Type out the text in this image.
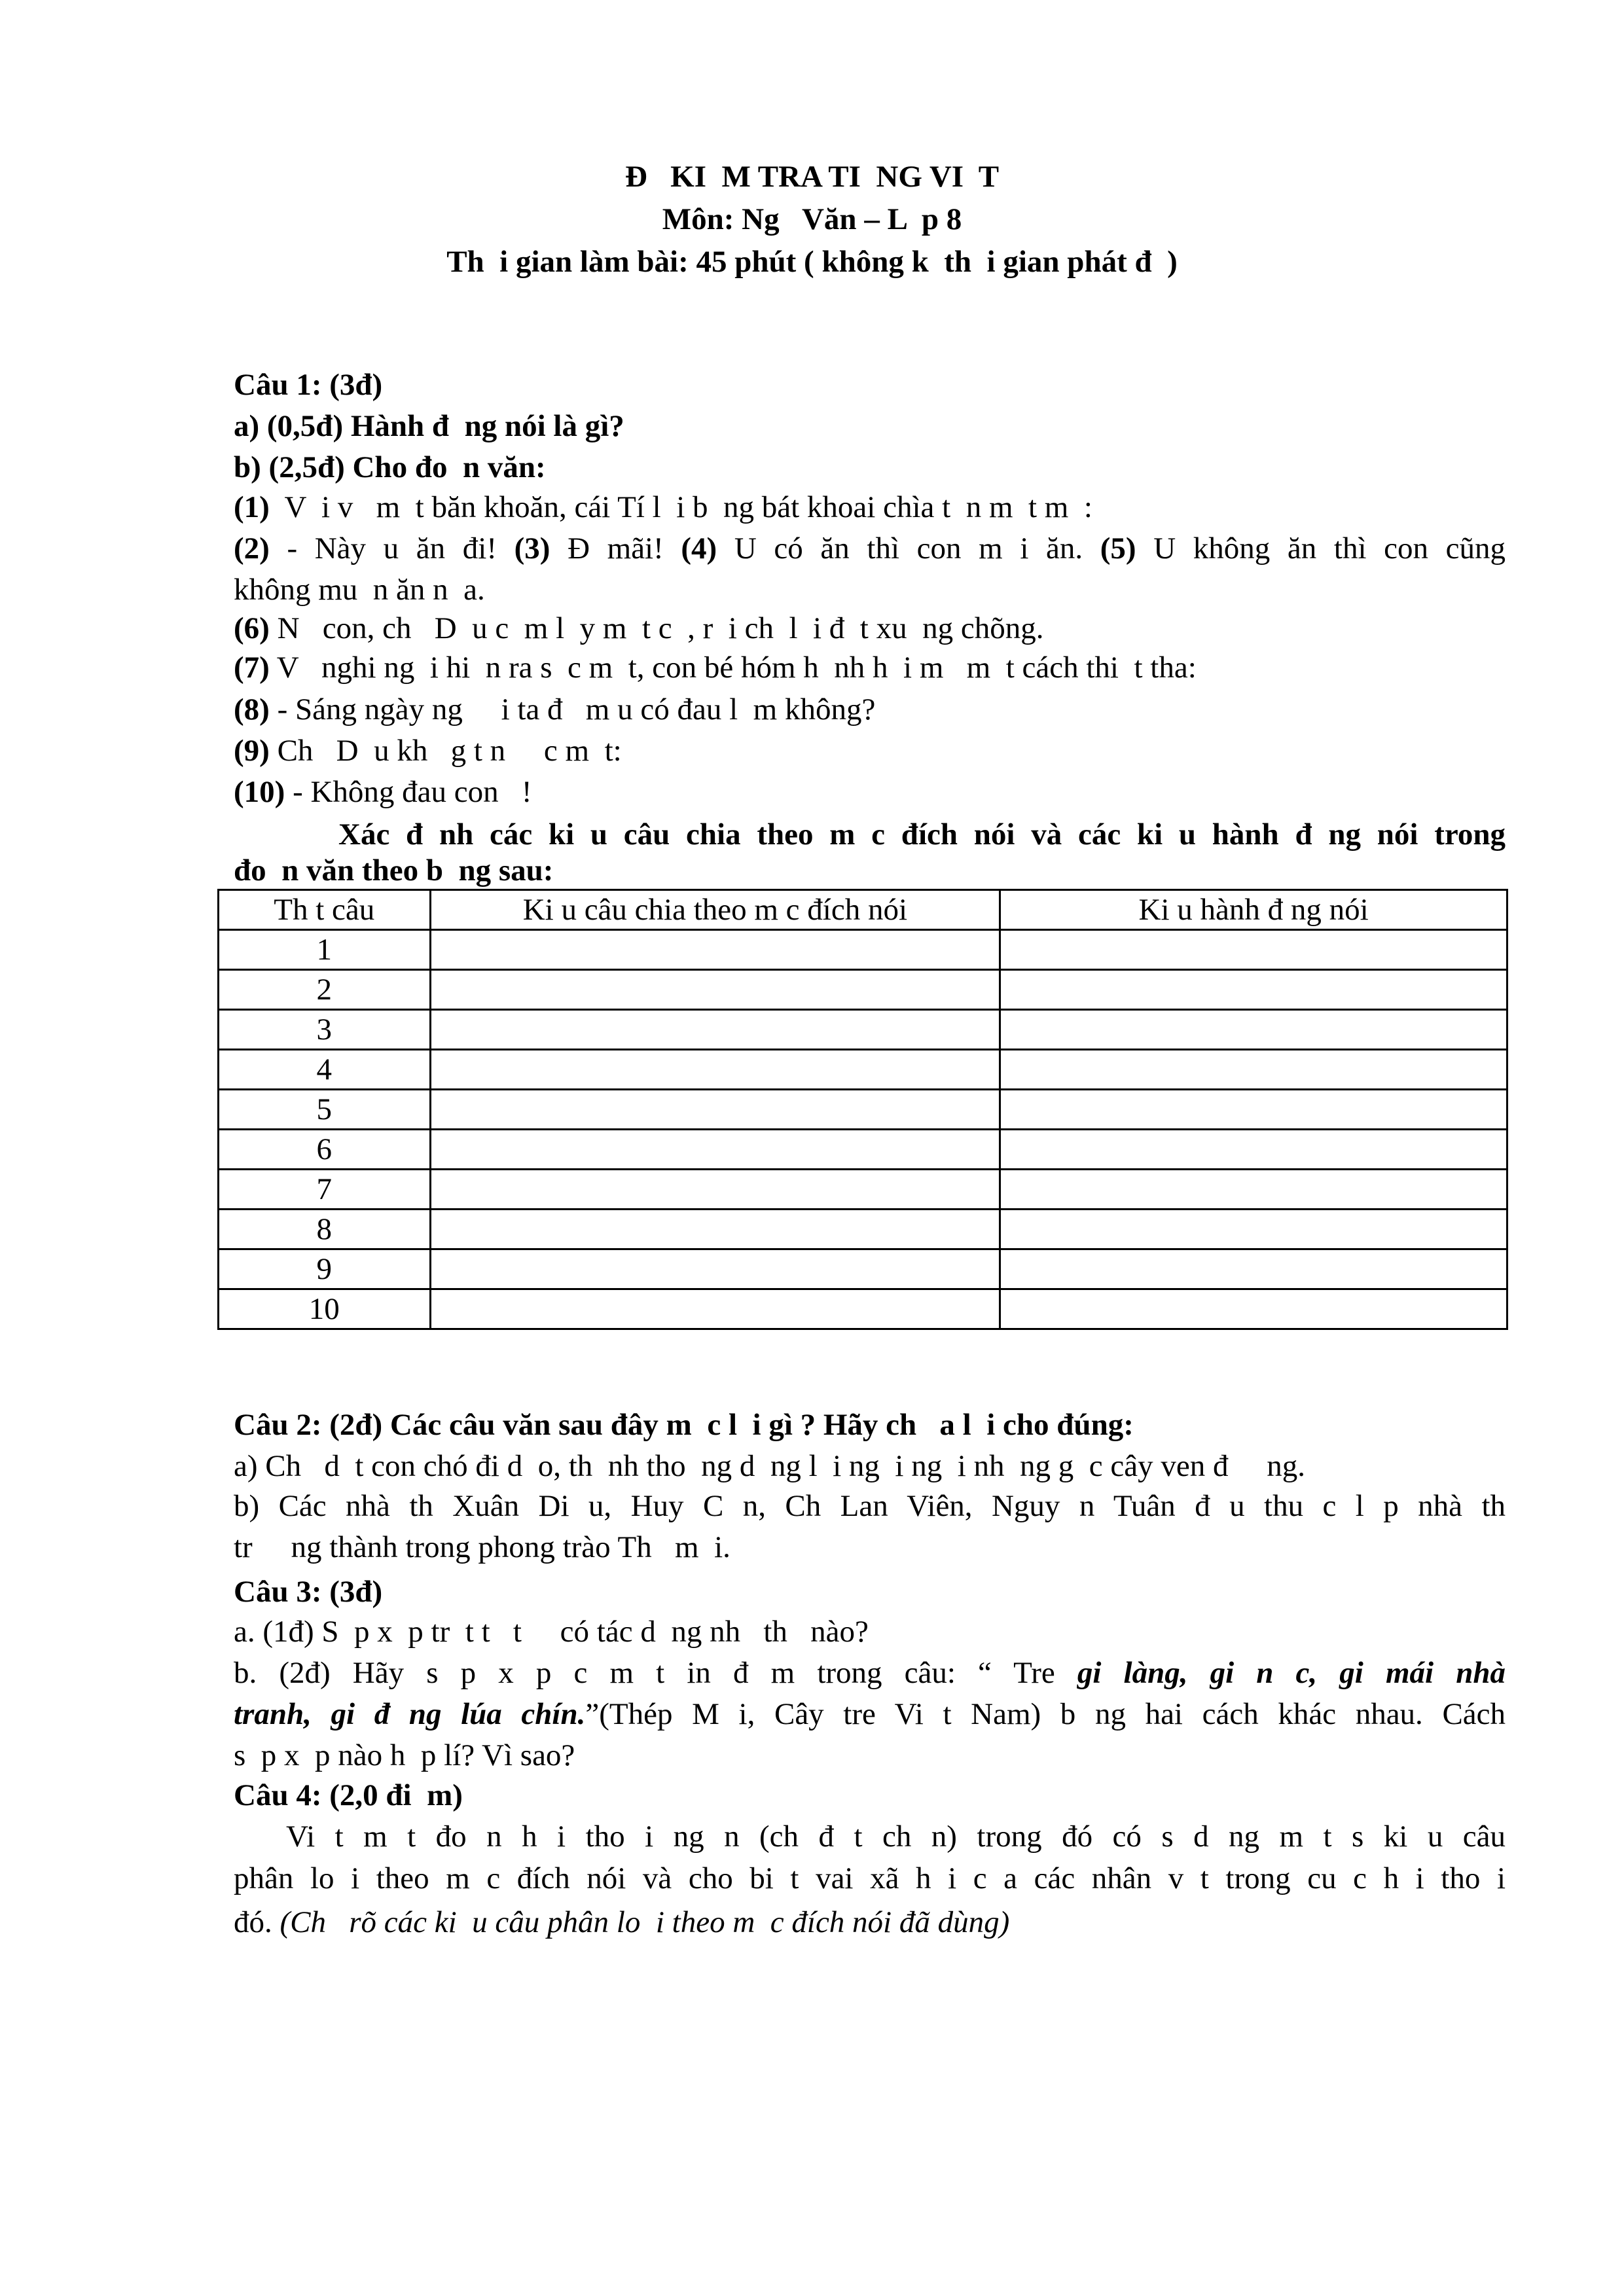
Đ   KI  M TRA TI  NG VI  T
Môn: Ng   Văn – L  p 8
Th  i gian làm bài: 45 phút ( không k  th  i gian phát đ  )
Câu 1: (3đ)
a) (0,5đ) Hành đ  ng nói là gì?
b) (2,5đ) Cho đo  n văn:
(1)  V  i v   m  t băn khoăn, cái Tí l  i b  ng bát khoai chìa t  n m  t m  :
(2) - Này u ăn đi! (3) Đ mãi! (4) U có ăn thì con m i ăn. (5) U không ăn thì con cũng
không mu  n ăn n  a.
(6) N   con, ch   D  u c  m l  y m  t c  , r  i ch  l  i đ  t xu  ng chõng.
(7) V   nghi ng  i hi  n ra s  c m  t, con bé hóm h  nh h  i m   m  t cách thi  t tha:
(8) - Sáng ngày ng     i ta đ   m u có đau l  m không?
(9) Ch   D  u kh   g t n     c m  t:
(10) - Không đau con   !
Xác đ nh các ki u câu chia theo m c đích nói và các ki u hành đ ng nói trong
đo  n văn theo b  ng sau:
Th t câu	Ki u câu chia theo m c đích nói	Ki u hành đ ng nói
1		
2		
3		
4		
5		
6		
7		
8		
9		
10		
Câu 2: (2đ) Các câu văn sau đây m  c l  i gì ? Hãy ch   a l  i cho đúng:
a) Ch   d  t con chó đi d  o, th  nh tho  ng d  ng l  i ng  i ng  i nh  ng g  c cây ven đ     ng.
b) Các nhà th Xuân Di u, Huy C n, Ch Lan Viên, Nguy n Tuân đ u thu c l p nhà th
tr     ng thành trong phong trào Th   m  i.
Câu 3: (3đ)
a. (1đ) S  p x  p tr  t t   t     có tác d  ng nh   th   nào?
b. (2đ) Hãy s p x p c m t in đ m trong câu: “ Tre gi làng, gi n c, gi mái nhà
tranh, gi đ ng lúa chín.”(Thép M i, Cây tre Vi t Nam) b ng hai cách khác nhau. Cách
s  p x  p nào h  p lí? Vì sao?
Câu 4: (2,0 đi  m)
Vi t m t đo n h i tho i ng n (ch đ t ch n) trong đó có s d ng m t s ki u câu
phân lo i theo m c đích nói và cho bi t vai xã h i c a các nhân v t trong cu c h i tho i
đó. (Ch   rõ các ki  u câu phân lo  i theo m  c đích nói đã dùng)
